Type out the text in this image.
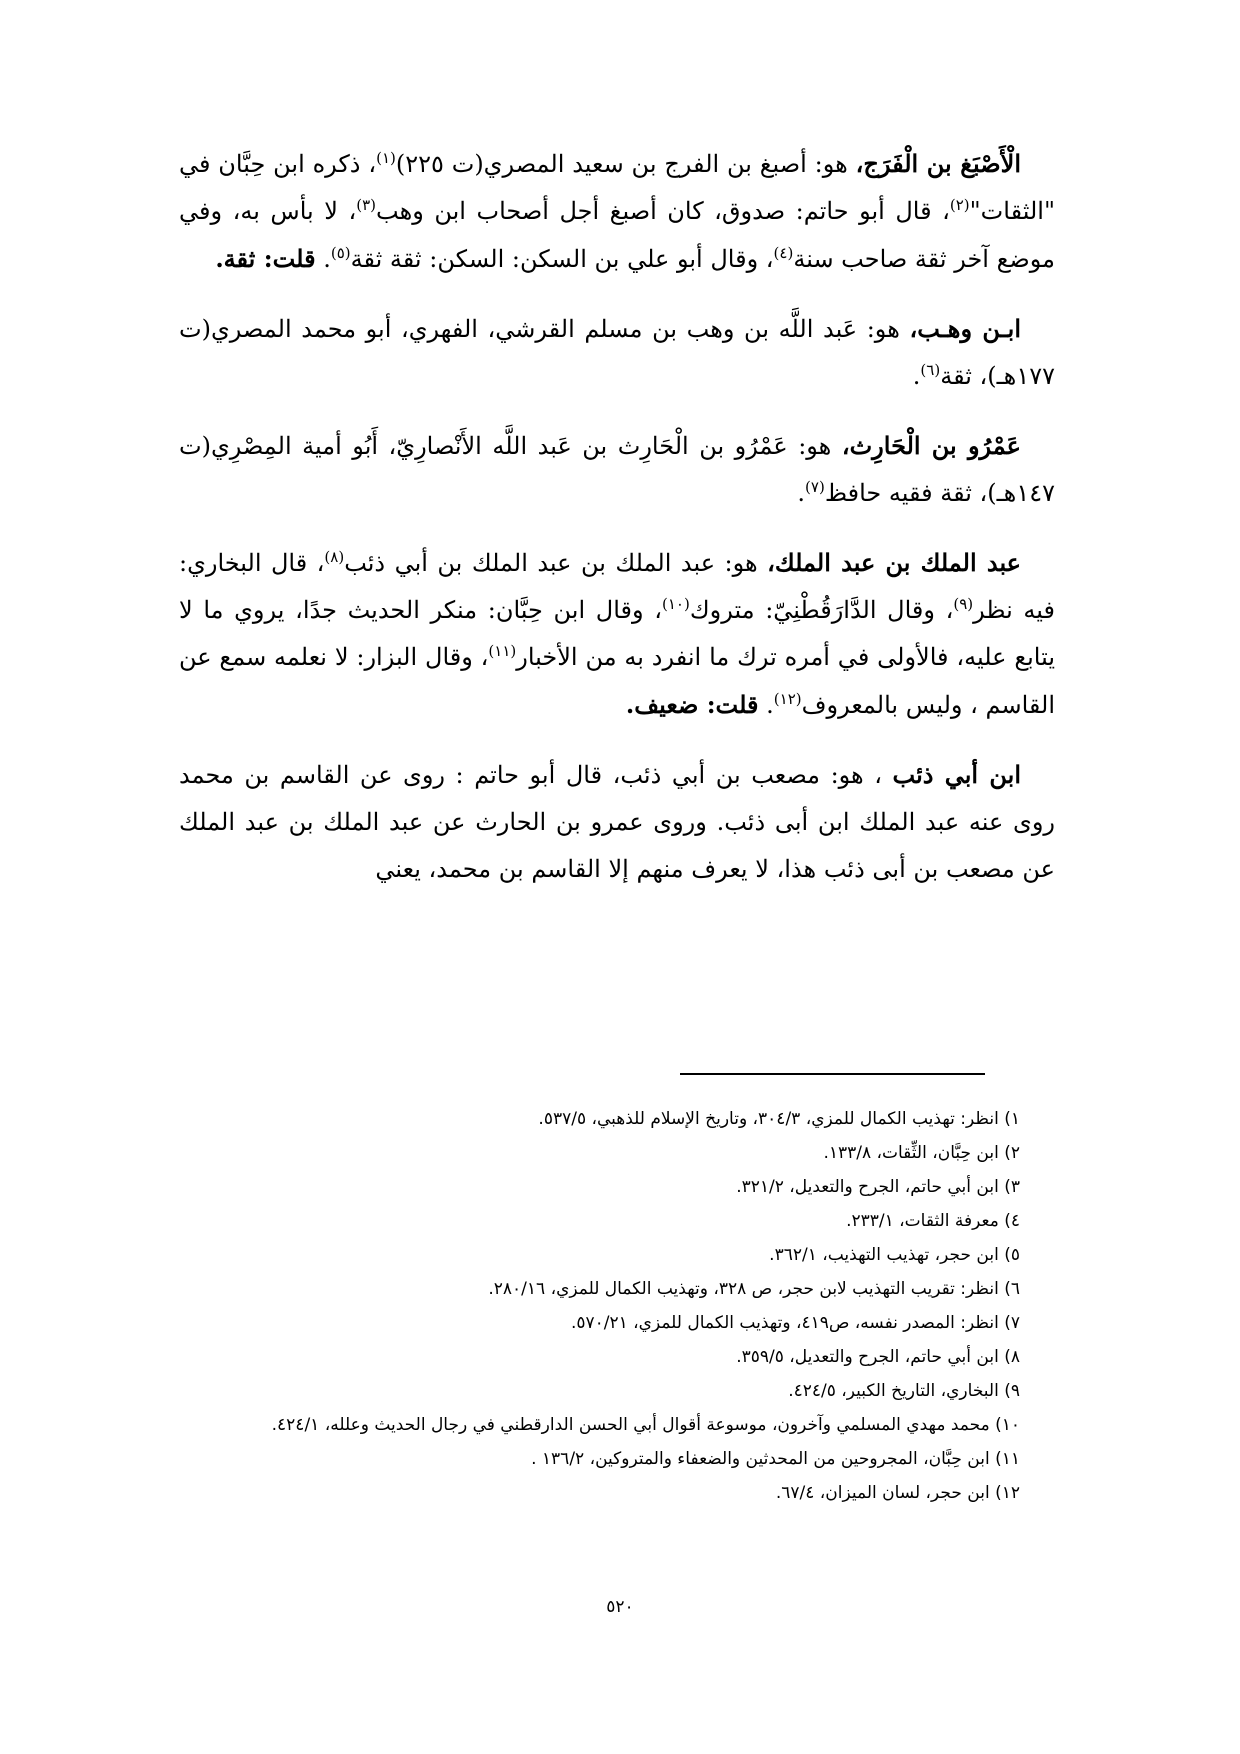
الْأَصْبَغ بن الْفَرَج، هو: أصبغ بن الفرج بن سعيد المصري(ت ٢٢٥)$^{(١)}$، ذكره ابن حِبَّان في "الثقات"$^{(٢)}$، قال أبو حاتم: صدوق، كان أصبغ أجل أصحاب ابن وهب$^{(٣)}$، لا بأس به، وفي موضع آخر ثقة صاحب سنة$^{(٤)}$، وقال أبو علي بن السكن: السكن: ثقة ثقة$^{(٥)}$. قلت: ثقة.

ابـن وهـب، هو: عَبد اللَّه بن وهب بن مسلم القرشي، الفهري، أبو محمد المصري(ت ١٧٧هـ)، ثقة$^{(٦)}$.

عَمْرُو بن الْحَارِث، هو: عَمْرُو بن الْحَارِث بن عَبد اللَّه الأَنْصارِيّ، أَبُو أمية المِصْرِي(ت ١٤٧هـ)، ثقة فقيه حافظ$^{(٧)}$.

عبد الملك بن عبد الملك، هو: عبد الملك بن عبد الملك بن أبي ذئب$^{(٨)}$، قال البخاري: فيه نظر$^{(٩)}$، وقال الدَّارَقُطْنِيّ: متروك$^{(١٠)}$، وقال ابن حِبَّان: منكر الحديث جدًا، يروي ما لا يتابع عليه، فالأولى في أمره ترك ما انفرد به من الأخبار$^{(١١)}$، وقال البزار: لا نعلمه سمع عن القاسم ، وليس بالمعروف$^{(١٢)}$. قلت: ضعيف.

ابن أبي ذئب ، هو: مصعب بن أبي ذئب، قال أبو حاتم : روى عن القاسم بن محمد روى عنه عبد الملك ابن أبى ذئب. وروى عمرو بن الحارث عن عبد الملك بن عبد الملك عن مصعب بن أبى ذئب هذا، لا يعرف منهم إلا القاسم بن محمد، يعني

١) انظر: تهذيب الكمال للمزي، ٣٠٤/٣، وتاريخ الإسلام للذهبي، ٥٣٧/٥.
٢) ابن حِبَّان، الثِّقات، ١٣٣/٨.
٣) ابن أبي حاتم، الجرح والتعديل، ٣٢١/٢.
٤) معرفة الثقات، ٢٣٣/١.
٥) ابن حجر، تهذيب التهذيب، ٣٦٢/١.
٦) انظر: تقريب التهذيب لابن حجر، ص ٣٢٨، وتهذيب الكمال للمزي، ٢٨٠/١٦.
٧) انظر: المصدر نفسه، ص٤١٩، وتهذيب الكمال للمزي، ٥٧٠/٢١.
٨) ابن أبي حاتم، الجرح والتعديل، ٣٥٩/٥.
٩) البخاري، التاريخ الكبير، ٤٢٤/٥.
١٠) محمد مهدي المسلمي وآخرون، موسوعة أقوال أبي الحسن الدارقطني في رجال الحديث وعلله، ٤٢٤/١.
١١) ابن حِبَّان، المجروحين من المحدثين والضعفاء والمتروكين، ١٣٦/٢ .
١٢) ابن حجر، لسان الميزان، ٦٧/٤.
٥٢٠
